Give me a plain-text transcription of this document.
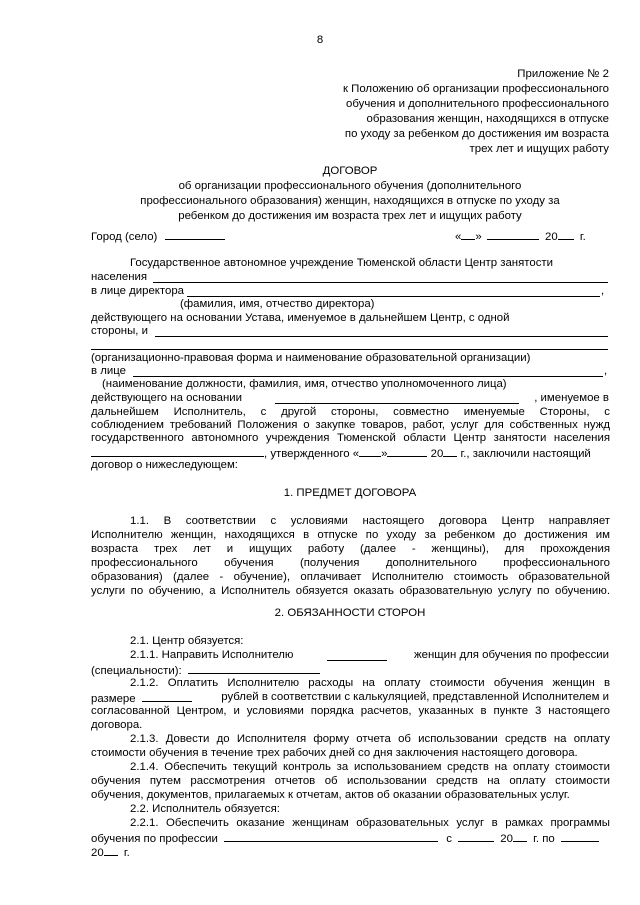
8
Приложение № 2
к Положению об организации профессионального
обучения и дополнительного профессионального
образования женщин, находящихся в отпуске
по уходу за ребенком до достижения им возраста
трех лет и ищущих работу
ДОГОВОР
об организации профессионального обучения (дополнительного
профессионального образования) женщин, находящихся в отпуске по уходу за
ребенком до достижения им возраста трех лет и ищущих работу
Город (село)	« »	20 г.
Государственное автономное учреждение Тюменской области Центр занятости
населения
в лице директора	,
(фамилия, имя, отчество директора)
действующего на основании Устава, именуемое в дальнейшем Центр, с одной
стороны, и
(организационно-правовая форма и наименование образовательной организации)
в лице	,
(наименование должности, фамилия, имя, отчество уполномоченного лица)
действующего на основании	, именуемое в
дальнейшем Исполнитель, с другой стороны, совместно именуемые Стороны, с
соблюдением требований Положения о закупке товаров, работ, услуг для собственных нужд
государственного автономного учреждения Тюменской области Центр занятости населения
, утвержденного « »	20 г., заключили настоящий
договор о нижеследующем:
1. ПРЕДМЕТ ДОГОВОРА
1.1. В соответствии с условиями настоящего договора Центр направляет
Исполнителю женщин, находящихся в отпуске по уходу за ребенком до достижения им
возраста трех лет и ищущих работу (далее - женщины), для прохождения
профессионального обучения (получения дополнительного профессионального
образования) (далее - обучение), оплачивает Исполнителю стоимость образовательной
услуги по обучению, а Исполнитель обязуется оказать образовательную услугу по обучению.
2. ОБЯЗАННОСТИ СТОРОН
2.1. Центр обязуется:
2.1.1. Направить Исполнителю	женщин для обучения по профессии
(специальности):
2.1.2. Оплатить Исполнителю расходы на оплату стоимости обучения женщин в
размере	рублей в соответствии с калькуляцией, представленной Исполнителем и
согласованной Центром, и условиями порядка расчетов, указанных в пункте 3 настоящего
договора.
2.1.3. Довести до Исполнителя форму отчета об использовании средств на оплату
стоимости обучения в течение трех рабочих дней со дня заключения настоящего договора.
2.1.4. Обеспечить текущий контроль за использованием средств на оплату стоимости
обучения путем рассмотрения отчетов об использовании средств на оплату стоимости
обучения, документов, прилагаемых к отчетам, актов об оказании образовательных услуг.
2.2. Исполнитель обязуется:
2.2.1. Обеспечить оказание женщинам образовательных услуг в рамках программы
обучения по профессии	с	20 г. по
20 г.
